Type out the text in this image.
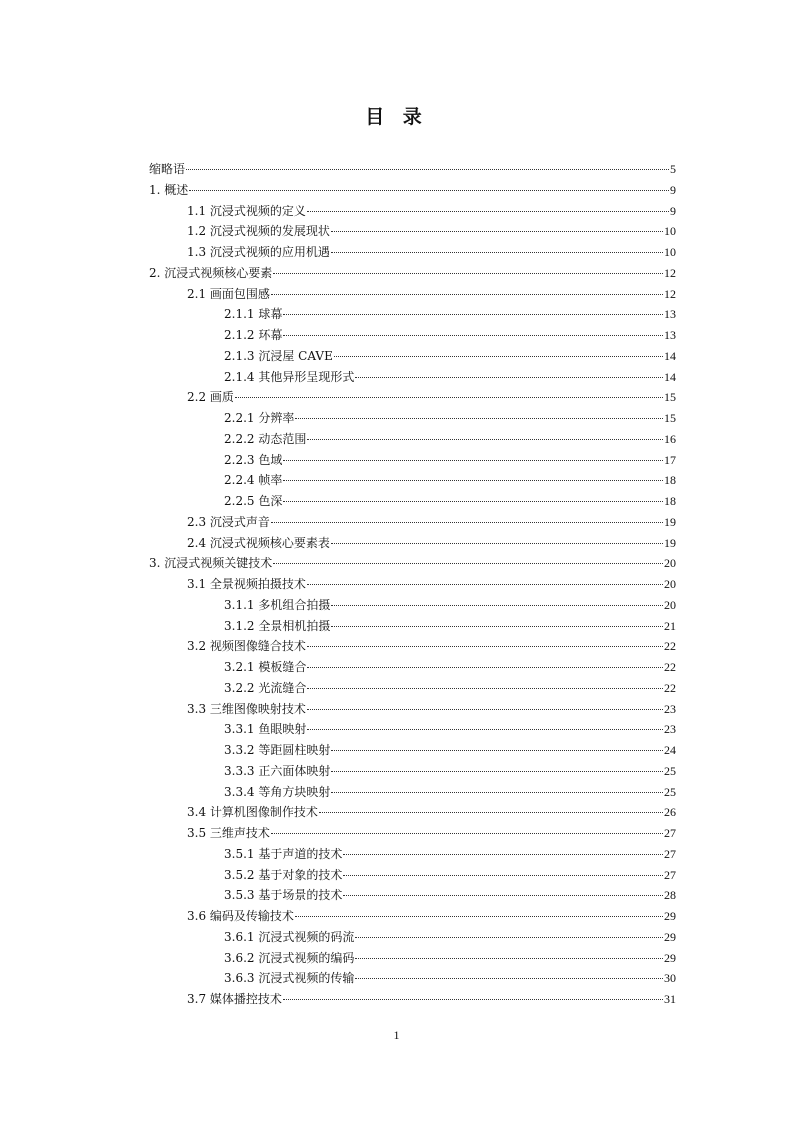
目 录
缩略语	5
1. 概述	9
1.1 沉浸式视频的定义	9
1.2 沉浸式视频的发展现状	10
1.3 沉浸式视频的应用机遇	10
2. 沉浸式视频核心要素	12
2.1 画面包围感	12
2.1.1 球幕	13
2.1.2 环幕	13
2.1.3 沉浸屋 CAVE	14
2.1.4 其他异形呈现形式	14
2.2 画质	15
2.2.1 分辨率	15
2.2.2 动态范围	16
2.2.3 色域	17
2.2.4 帧率	18
2.2.5 色深	18
2.3 沉浸式声音	19
2.4 沉浸式视频核心要素表	19
3. 沉浸式视频关键技术	20
3.1 全景视频拍摄技术	20
3.1.1 多机组合拍摄	20
3.1.2 全景相机拍摄	21
3.2 视频图像缝合技术	22
3.2.1 模板缝合	22
3.2.2 光流缝合	22
3.3 三维图像映射技术	23
3.3.1 鱼眼映射	23
3.3.2 等距圆柱映射	24
3.3.3 正六面体映射	25
3.3.4 等角方块映射	25
3.4 计算机图像制作技术	26
3.5 三维声技术	27
3.5.1 基于声道的技术	27
3.5.2 基于对象的技术	27
3.5.3 基于场景的技术	28
3.6 编码及传输技术	29
3.6.1 沉浸式视频的码流	29
3.6.2 沉浸式视频的编码	29
3.6.3 沉浸式视频的传输	30
3.7 媒体播控技术	31
1
